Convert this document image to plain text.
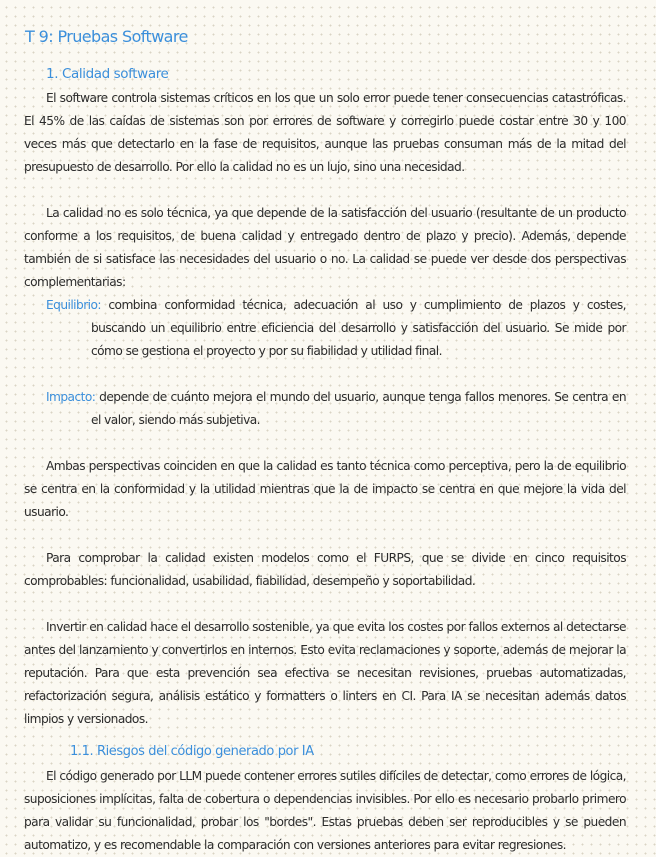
T 9: Pruebas Software
1. Calidad software

El software controla sistemas críticos en los que un solo error puede tener consecuencias catastróficas. El 45% de las caídas de sistemas son por errores de software y corregirlo puede costar entre 30 y 100 veces más que detectarlo en la fase de requisitos, aunque las pruebas consuman más de la mitad del presupuesto de desarrollo. Por ello la calidad no es un lujo, sino una necesidad.

La calidad no es solo técnica, ya que depende de la satisfacción del usuario (resultante de un producto conforme a los requisitos, de buena calidad y entregado dentro de plazo y precio). Además, depende también de si satisface las necesidades del usuario o no. La calidad se puede ver desde dos perspectivas complementarias:

Equilibrio: combina conformidad técnica, adecuación al uso y cumplimiento de plazos y costes, buscando un equilibrio entre eficiencia del desarrollo y satisfacción del usuario. Se mide por cómo se gestiona el proyecto y por su fiabilidad y utilidad final.

Impacto: depende de cuánto mejora el mundo del usuario, aunque tenga fallos menores. Se centra en el valor, siendo más subjetiva.

Ambas perspectivas coinciden en que la calidad es tanto técnica como perceptiva, pero la de equilibrio se centra en la conformidad y la utilidad mientras que la de impacto se centra en que mejore la vida del usuario.

Para comprobar la calidad existen modelos como el FURPS, que se divide en cinco requisitos comprobables: funcionalidad, usabilidad, fiabilidad, desempeño y soportabilidad.

Invertir en calidad hace el desarrollo sostenible, ya que evita los costes por fallos externos al detectarse antes del lanzamiento y convertirlos en internos. Esto evita reclamaciones y soporte, además de mejorar la reputación. Para que esta prevención sea efectiva se necesitan revisiones, pruebas automatizadas, refactorización segura, análisis estático y formatters o linters en CI. Para IA se necesitan además datos limpios y versionados.

1.1. Riesgos del código generado por IA

El código generado por LLM puede contener errores sutiles difíciles de detectar, como errores de lógica, suposiciones implícitas, falta de cobertura o dependencias invisibles. Por ello es necesario probarlo primero para validar su funcionalidad, probar los "bordes". Estas pruebas deben ser reproducibles y se pueden automatizo, y es recomendable la comparación con versiones anteriores para evitar regresiones.
